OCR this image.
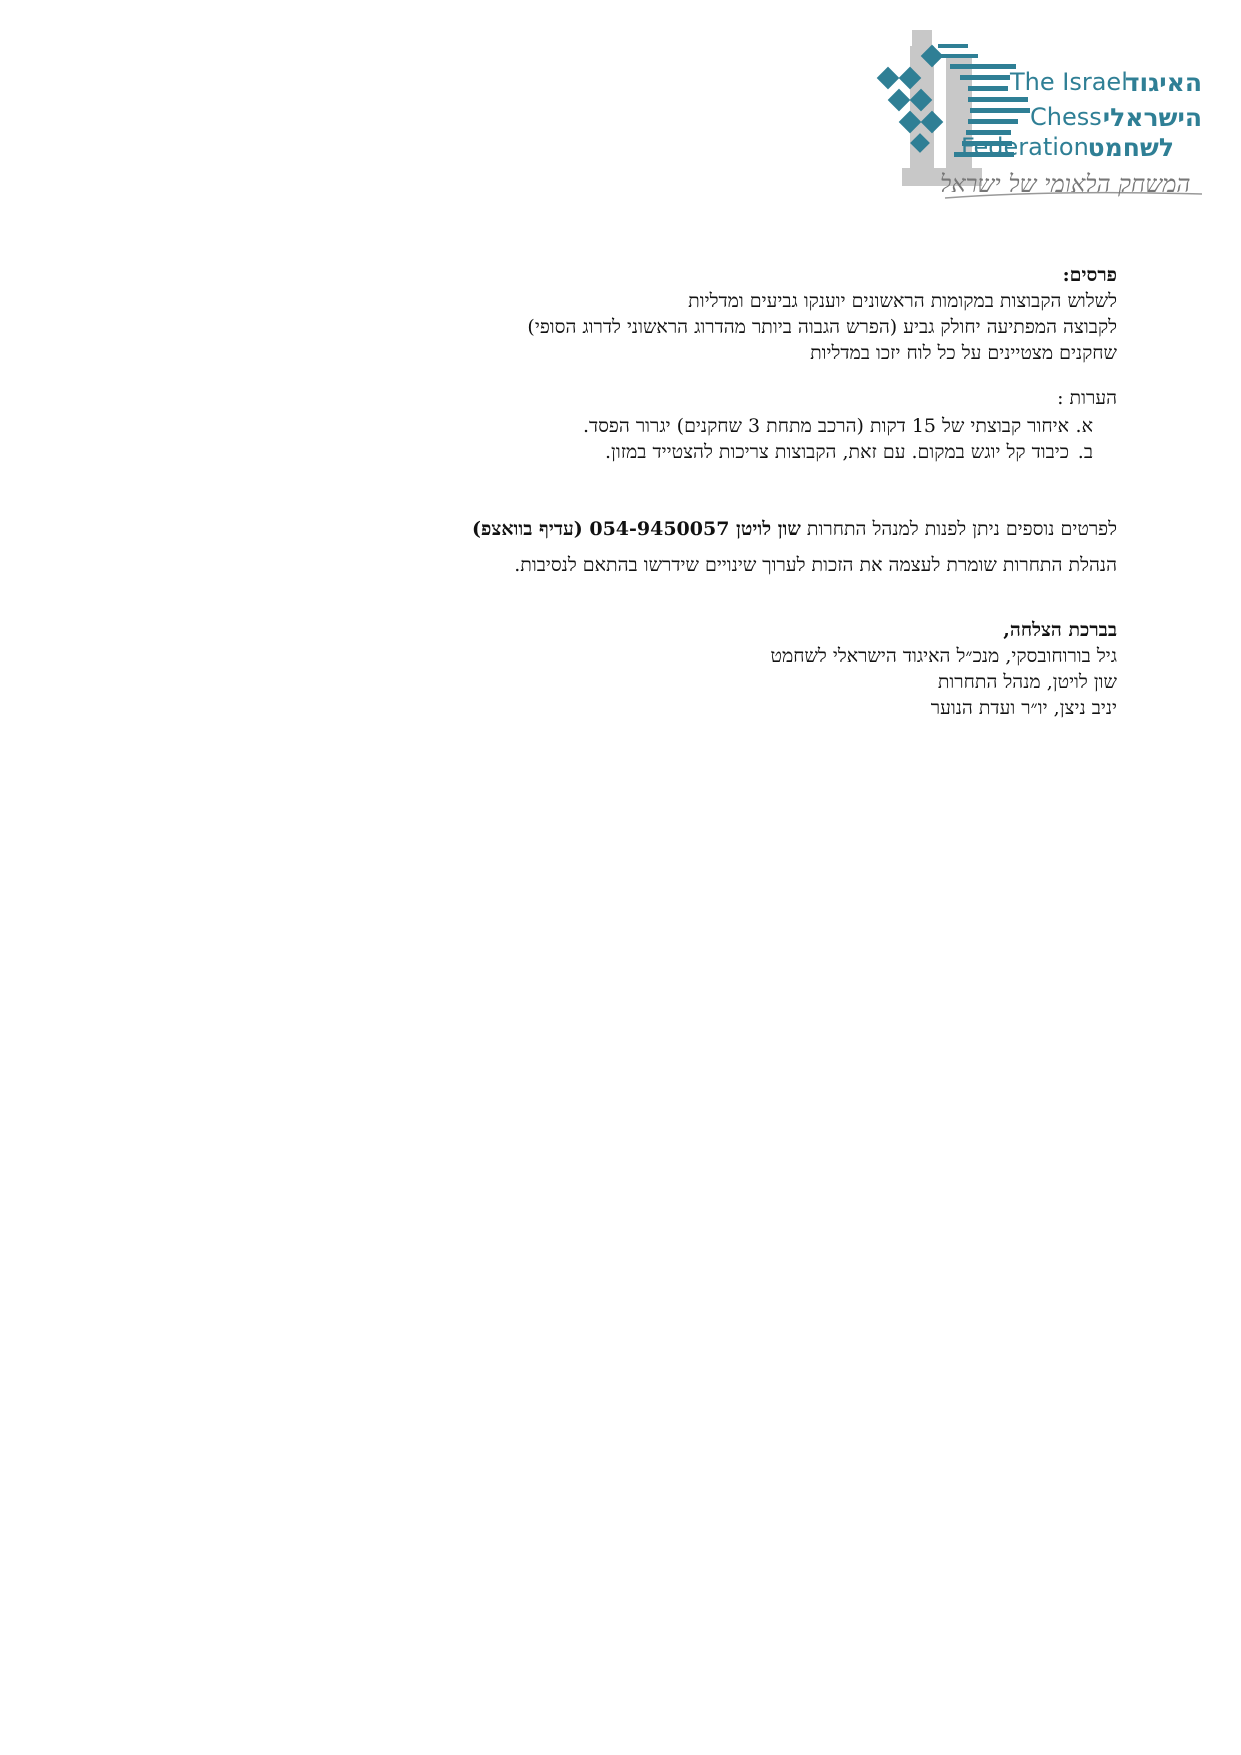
The Israel
האיגוד
Chess הישראלי
Federation
לשחמט
המשחק הלאומי של ישראל
פרסים:
לשלוש הקבוצות במקומות הראשונים יוענקו גביעים ומדליות
לקבוצה המפתיעה יחולק גביע (הפרש הגבוה ביותר מהדרוג הראשוני לדרוג הסופי)
שחקנים מצטיינים על כל לוח יזכו במדליות
הערות :
א.איחור קבוצתי של 15 דקות (הרכב מתחת 3 שחקנים) יגרור הפסד.
ב.כיבוד קל יוגש במקום. עם זאת, הקבוצות צריכות להצטייד במזון.
לפרטים נוספים ניתן לפנות למנהל התחרות שון לויטן 054-9450057 (עדיף בוואצפ)
הנהלת התחרות שומרת לעצמה את הזכות לערוך שינויים שידרשו בהתאם לנסיבות.
בברכת הצלחה,
גיל בורוחובסקי, מנכ״ל האיגוד הישראלי לשחמט
שון לויטן, מנהל התחרות
יניב ניצן, יו״ר ועדת הנוער
